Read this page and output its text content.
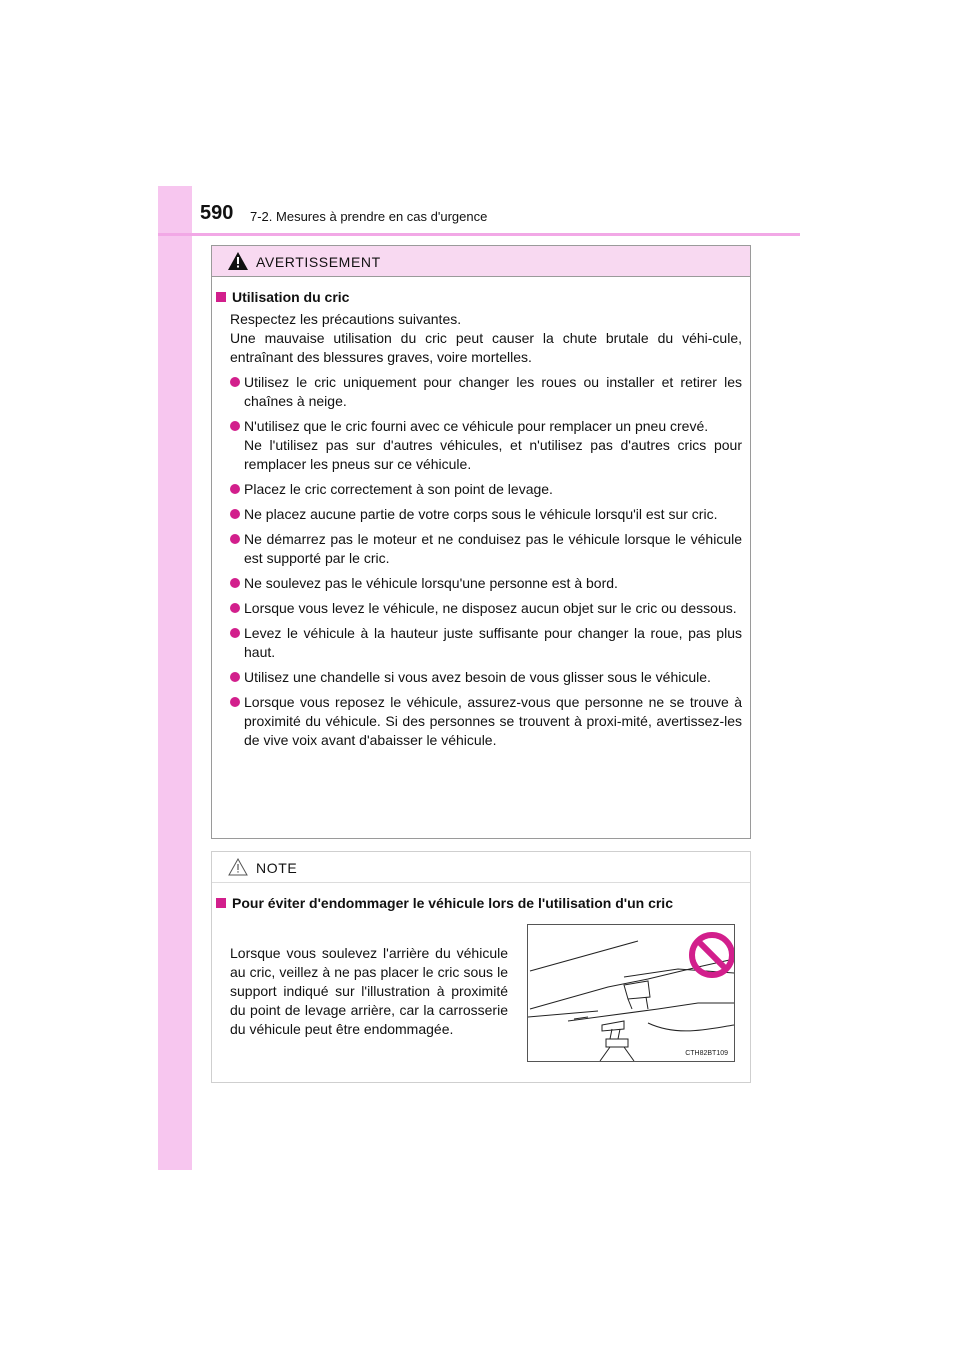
590 7-2. Mesures à prendre en cas d'urgence
AVERTISSEMENT
Utilisation du cric
Respectez les précautions suivantes.
Une mauvaise utilisation du cric peut causer la chute brutale du véhi-cule, entraînant des blessures graves, voire mortelles.
Utilisez le cric uniquement pour changer les roues ou installer et retirer les chaînes à neige.
N'utilisez que le cric fourni avec ce véhicule pour remplacer un pneu crevé.
Ne l'utilisez pas sur d'autres véhicules, et n'utilisez pas d'autres crics pour remplacer les pneus sur ce véhicule.
Placez le cric correctement à son point de levage.
Ne placez aucune partie de votre corps sous le véhicule lorsqu'il est sur cric.
Ne démarrez pas le moteur et ne conduisez pas le véhicule lorsque le véhicule est supporté par le cric.
Ne soulevez pas le véhicule lorsqu'une personne est à bord.
Lorsque vous levez le véhicule, ne disposez aucun objet sur le cric ou dessous.
Levez le véhicule à la hauteur juste suffisante pour changer la roue, pas plus haut.
Utilisez une chandelle si vous avez besoin de vous glisser sous le véhicule.
Lorsque vous reposez le véhicule, assurez-vous que personne ne se trouve à proximité du véhicule. Si des personnes se trouvent à proxi-mité, avertissez-les de vive voix avant d'abaisser le véhicule.
NOTE
Pour éviter d'endommager le véhicule lors de l'utilisation d'un cric
Lorsque vous soulevez l'arrière du véhicule au cric, veillez à ne pas placer le cric sous le support indiqué sur l'illustration à proximité du point de levage arrière, car la carrosserie du véhicule peut être endommagée.
CTH82BT109
